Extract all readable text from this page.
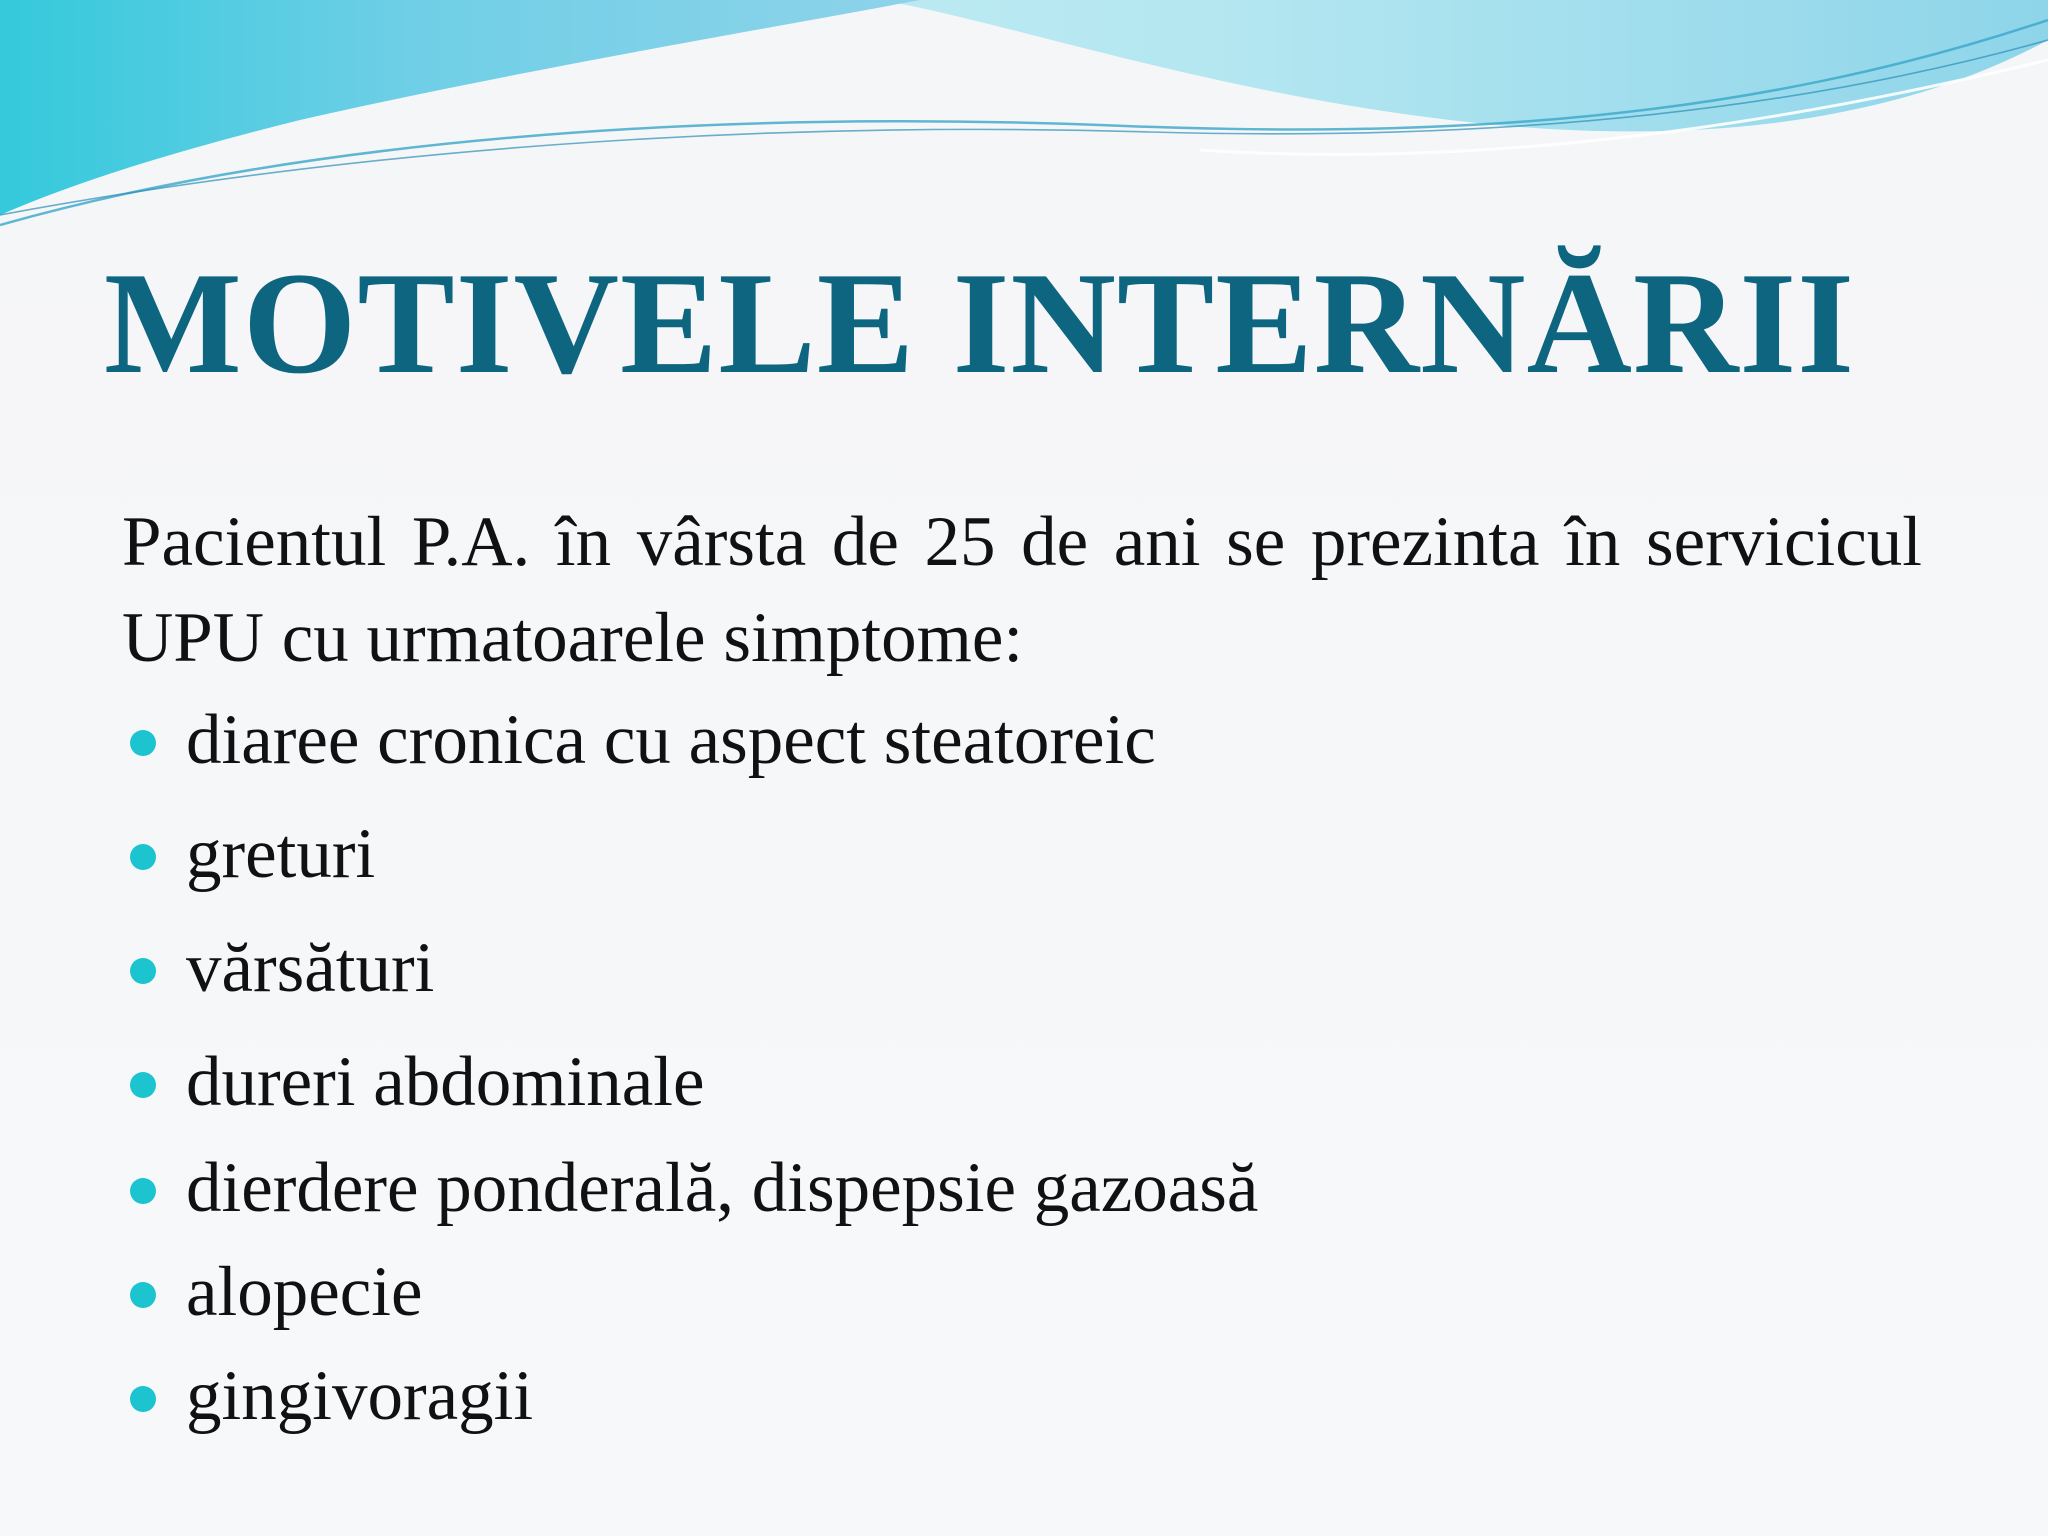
MOTIVELE INTERNĂRII

Pacientul P.A. în vârsta de 25 de ani se prezinta în servicicul UPU cu urmatoarele simptome:

diaree cronica cu aspect steatoreic
greturi
vărsături
dureri abdominale
dierdere ponderală, dispepsie gazoasă
alopecie
gingivoragii
